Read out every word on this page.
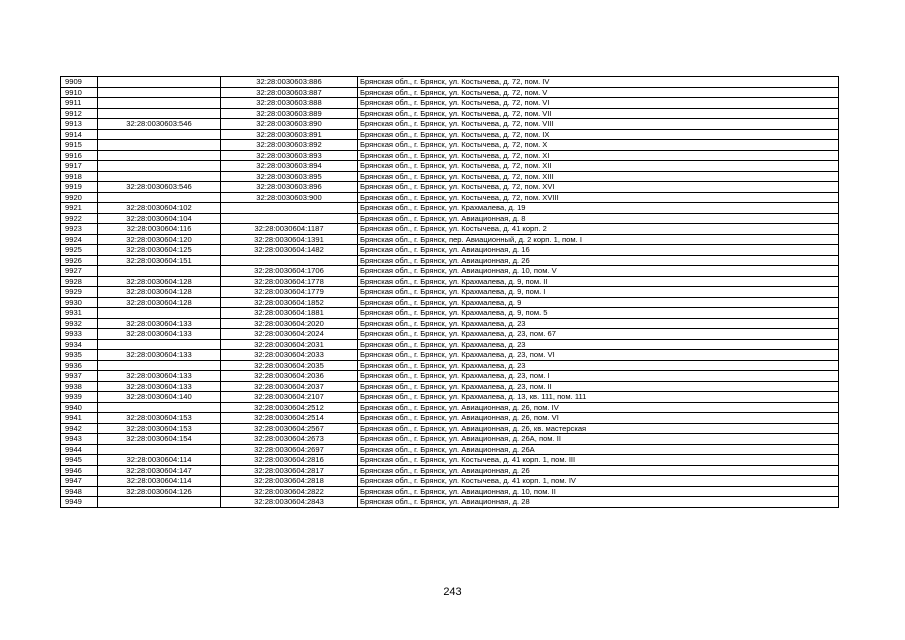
9909		32:28:0030603:886	Брянская обл., г. Брянск, ул. Костычева, д. 72, пом. IV
9910		32:28:0030603:887	Брянская обл., г. Брянск, ул. Костычева, д. 72, пом. V
9911		32:28:0030603:888	Брянская обл., г. Брянск, ул. Костычева, д. 72, пом. VI
9912		32:28:0030603:889	Брянская обл., г. Брянск, ул. Костычева, д. 72, пом. VII
9913	32:28:0030603:546	32:28:0030603:890	Брянская обл., г. Брянск, ул. Костычева, д. 72, пом. VIII
9914		32:28:0030603:891	Брянская обл., г. Брянск, ул. Костычева, д. 72, пом. IX
9915		32:28:0030603:892	Брянская обл., г. Брянск, ул. Костычева, д. 72, пом. X
9916		32:28:0030603:893	Брянская обл., г. Брянск, ул. Костычева, д. 72, пом. XI
9917		32:28:0030603:894	Брянская обл., г. Брянск, ул. Костычева, д. 72, пом. XII
9918		32:28:0030603:895	Брянская обл., г. Брянск, ул. Костычева, д. 72, пом. XIII
9919	32:28:0030603:546	32:28:0030603:896	Брянская обл., г. Брянск, ул. Костычева, д. 72, пом. XVI
9920		32:28:0030603:900	Брянская обл., г. Брянск, ул. Костычева, д. 72, пом. XVIII
9921	32:28:0030604:102		Брянская обл., г. Брянск, ул. Крахмалева, д. 19
9922	32:28:0030604:104		Брянская обл., г. Брянск, ул. Авиационная, д. 8
9923	32:28:0030604:116	32:28:0030604:1187	Брянская обл., г. Брянск, ул. Костычева, д. 41 корп. 2
9924	32:28:0030604:120	32:28:0030604:1391	Брянская обл., г. Брянск, пер. Авиационный, д. 2 корп. 1, пом. I
9925	32:28:0030604:125	32:28:0030604:1482	Брянская обл., г. Брянск, ул. Авиационная, д. 16
9926	32:28:0030604:151		Брянская обл., г. Брянск, ул. Авиационная, д. 26
9927		32:28:0030604:1706	Брянская обл., г. Брянск, ул. Авиационная, д. 10, пом. V
9928	32:28:0030604:128	32:28:0030604:1778	Брянская обл., г. Брянск, ул. Крахмалева, д. 9, пом. II
9929	32:28:0030604:128	32:28:0030604:1779	Брянская обл., г. Брянск, ул. Крахмалева, д. 9, пом. I
9930	32:28:0030604:128	32:28:0030604:1852	Брянская обл., г. Брянск, ул. Крахмалева, д. 9
9931		32:28:0030604:1881	Брянская обл., г. Брянск, ул. Крахмалева, д. 9, пом. 5
9932	32:28:0030604:133	32:28:0030604:2020	Брянская обл., г. Брянск, ул. Крахмалева, д. 23
9933	32:28:0030604:133	32:28:0030604:2024	Брянская обл., г. Брянск, ул. Крахмалева, д. 23, пом. 67
9934		32:28:0030604:2031	Брянская обл., г. Брянск, ул. Крахмалева, д. 23
9935	32:28:0030604:133	32:28:0030604:2033	Брянская обл., г. Брянск, ул. Крахмалева, д. 23, пом. VI
9936		32:28:0030604:2035	Брянская обл., г. Брянск, ул. Крахмалева, д. 23
9937	32:28:0030604:133	32:28:0030604:2036	Брянская обл., г. Брянск, ул. Крахмалева, д. 23, пом. I
9938	32:28:0030604:133	32:28:0030604:2037	Брянская обл., г. Брянск, ул. Крахмалева, д. 23, пом. II
9939	32:28:0030604:140	32:28:0030604:2107	Брянская обл., г. Брянск, ул. Крахмалева, д. 13, кв. 111, пом. 111
9940		32:28:0030604:2512	Брянская обл., г. Брянск, ул. Авиационная, д. 26, пом. IV
9941	32:28:0030604:153	32:28:0030604:2514	Брянская обл., г. Брянск, ул. Авиационная, д. 26, пом. VI
9942	32:28:0030604:153	32:28:0030604:2567	Брянская обл., г. Брянск, ул. Авиационная, д. 26, кв. мастерская
9943	32:28:0030604:154	32:28:0030604:2673	Брянская обл., г. Брянск, ул. Авиационная, д. 26А, пом. II
9944		32:28:0030604:2697	Брянская обл., г. Брянск, ул. Авиационная, д. 26А
9945	32:28:0030604:114	32:28:0030604:2816	Брянская обл., г. Брянск, ул. Костычева, д. 41 корп. 1, пом. III
9946	32:28:0030604:147	32:28:0030604:2817	Брянская обл., г. Брянск, ул. Авиационная, д. 26
9947	32:28:0030604:114	32:28:0030604:2818	Брянская обл., г. Брянск, ул. Костычева, д. 41 корп. 1, пом. IV
9948	32:28:0030604:126	32:28:0030604:2822	Брянская обл., г. Брянск, ул. Авиационная, д. 10, пом. II
9949		32:28:0030604:2843	Брянская обл., г. Брянск, ул. Авиационная, д. 28
243
